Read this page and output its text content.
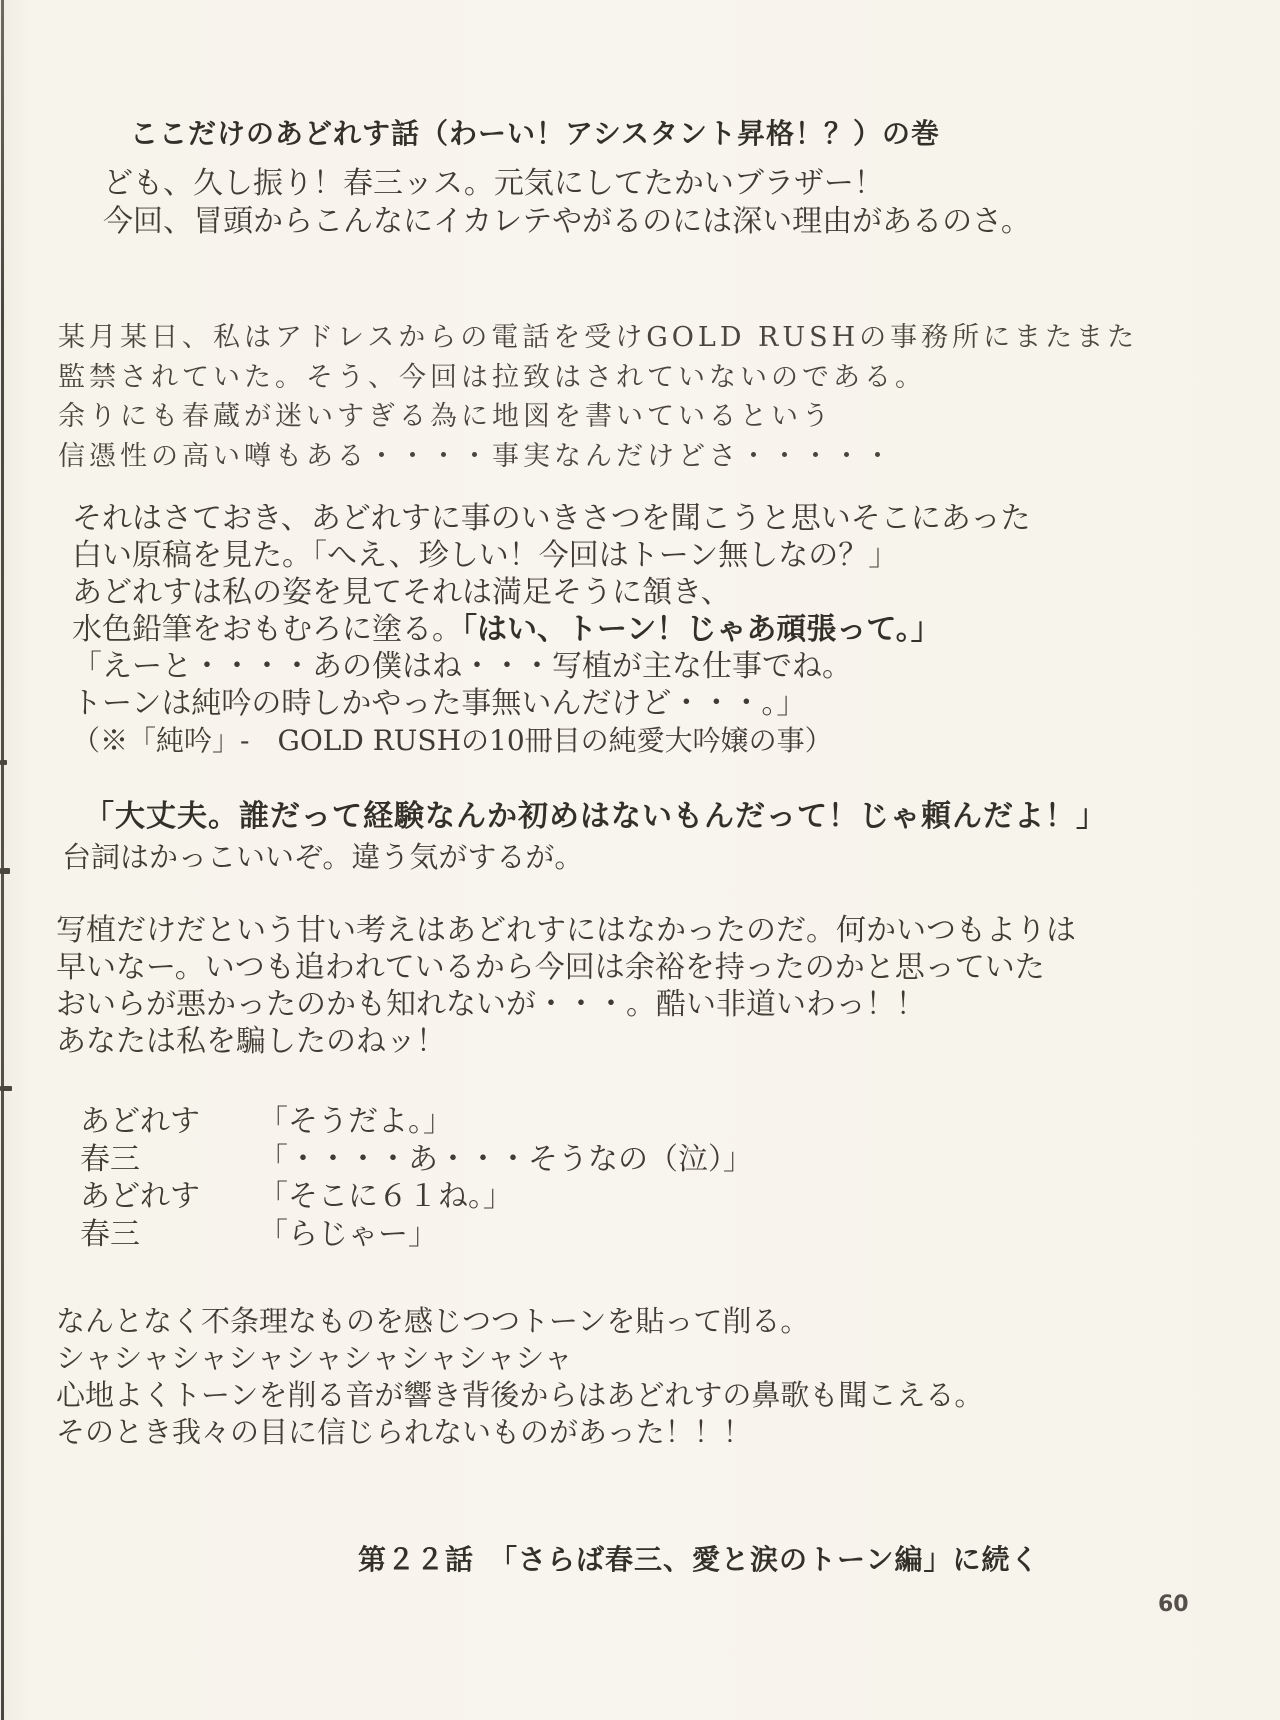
ここだけのあどれす話（わーい！アシスタント昇格！？）の巻
ども、久し振り！春三ッス。元気にしてたかいブラザー！
今回、冒頭からこんなにイカレテやがるのには深い理由があるのさ。
某月某日、私はアドレスからの電話を受けGOLD RUSHの事務所にまたまた
監禁されていた。そう、今回は拉致はされていないのである。
余りにも春蔵が迷いすぎる為に地図を書いているという
信憑性の高い噂もある・・・・事実なんだけどさ・・・・・
それはさておき、あどれすに事のいきさつを聞こうと思いそこにあった
白い原稿を見た。「へえ、珍しい！今回はトーン無しなの？」
あどれすは私の姿を見てそれは満足そうに頷き、
水色鉛筆をおもむろに塗る。「はい、トーン！じゃあ頑張って。」
「えーと・・・・あの僕はね・・・写植が主な仕事でね。
トーンは純吟の時しかやった事無いんだけど・・・。」
（※「純吟」-　GOLD RUSHの10冊目の純愛大吟嬢の事）
「大丈夫。誰だって経験なんか初めはないもんだって！じゃ頼んだよ！」
台詞はかっこいいぞ。違う気がするが。
写植だけだという甘い考えはあどれすにはなかったのだ。何かいつもよりは
早いなー。いつも追われているから今回は余裕を持ったのかと思っていた
おいらが悪かったのかも知れないが・・・。酷い非道いわっ！！
あなたは私を騙したのねッ！
あどれす 「そうだよ。」
春三	「・・・・あ・・・そうなの（泣）」
あどれす 「そこに６１ね。」
春三	「らじゃー」
なんとなく不条理なものを感じつつトーンを貼って削る。
シャシャシャシャシャシャシャシャシャ
心地よくトーンを削る音が響き背後からはあどれすの鼻歌も聞こえる。
そのとき我々の目に信じられないものがあった！！！
第２２話　「さらば春三、愛と涙のトーン編」に続く
60
